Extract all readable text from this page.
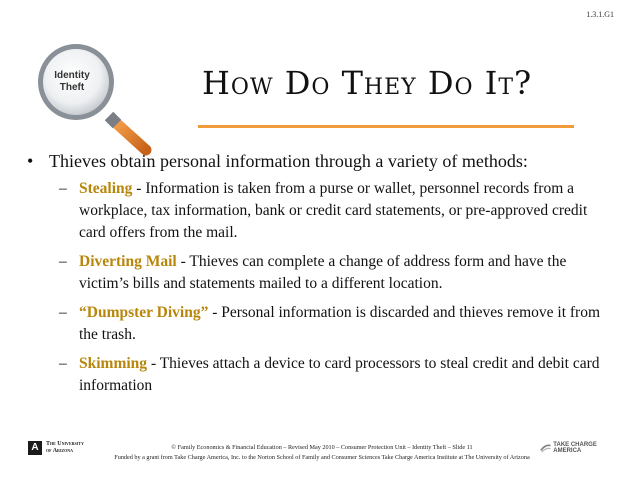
1.3.1.G1
Identity
Theft	How Do They Do It?
• Thieves obtain personal information through a variety of methods:
– Stealing - Information is taken from a purse or wallet, personnel records from a workplace, tax information, bank or credit card statements, or pre-approved credit card offers from the mail.
– Diverting Mail - Thieves can complete a change of address form and have the victim’s bills and statements mailed to a different location.
– “Dumpster Diving” - Personal information is discarded and thieves remove it from the trash.
– Skimming - Thieves attach a device to card processors to steal credit and debit card information
A	The University
of Arizona	© Family Economics & Financial Education – Revised May 2010 – Consumer Protection Unit – Identity Theft – Slide 11
Funded by a grant from Take Charge America, Inc. to the Norton School of Family and Consumer Sciences Take Charge America Institute at The University of Arizona
TAKE CHARGE AMERICA
